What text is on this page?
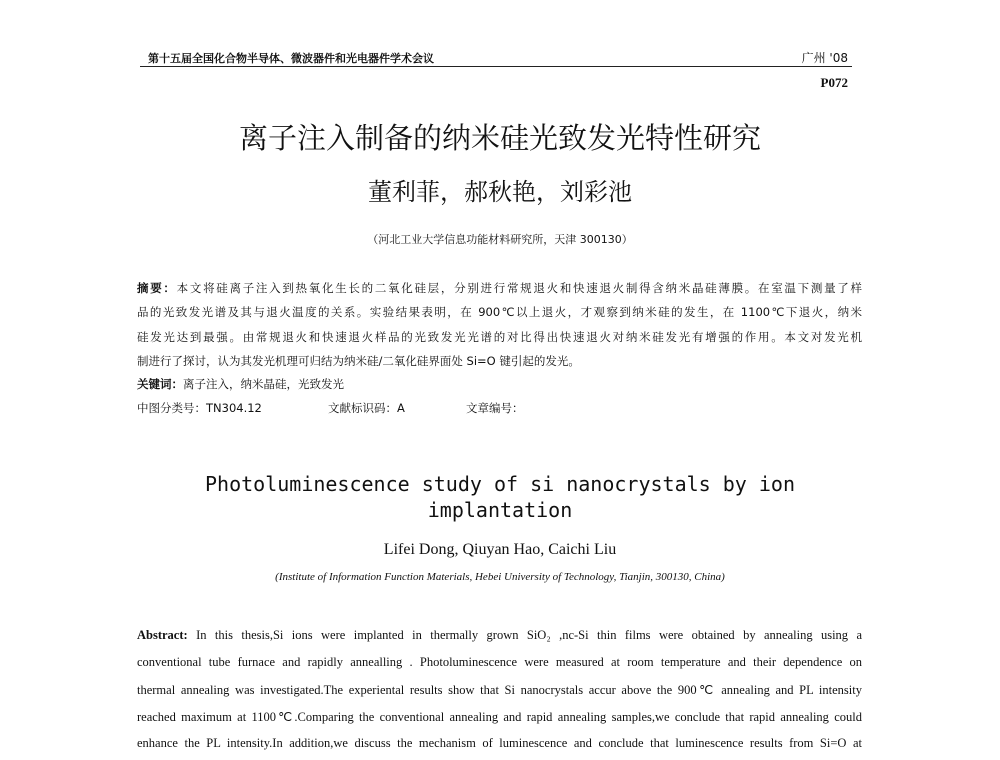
第十五届全国化合物半导体、微波器件和光电器件学术会议	广州 '08
P072
离子注入制备的纳米硅光致发光特性研究
董利菲，郝秋艳，刘彩池
（河北工业大学信息功能材料研究所，天津 300130）
摘要：本文将硅离子注入到热氧化生长的二氧化硅层，分别进行常规退火和快速退火制得含纳米晶硅薄膜。在室温下测量了样
品的光致发光谱及其与退火温度的关系。实验结果表明，在 900℃以上退火，才观察到纳米硅的发生，在 1100℃下退火，纳米
硅发光达到最强。由常规退火和快速退火样品的光致发光光谱的对比得出快速退火对纳米硅发光有增强的作用。本文对发光机
制进行了探讨，认为其发光机理可归结为纳米硅/二氧化硅界面处 Si=O 键引起的发光。
关键词：离子注入，纳米晶硅，光致发光
中图分类号：TN304.12	文献标识码：A	文章编号：
Photoluminescence study of si nanocrystals by ion
implantation
Lifei Dong, Qiuyan Hao, Caichi Liu
(Institute of Information Function Materials, Hebei University of Technology, Tianjin, 300130, China)
Abstract: In this thesis,Si ions were implanted in thermally grown SiO₂ ,nc-Si thin films were obtained by annealing using a
conventional tube furnace and rapidly annealling . Photoluminescence were measured at room temperature and their dependence on
thermal annealing was investigated.The experiental results show that Si nanocrystals accur above the 900℃ annealing and PL intensity
reached maximum at 1100℃.Comparing the conventional annealing and rapid annealing samples,we conclude that rapid annealing could
enhance the PL intensity.In addition,we discuss the mechanism of luminescence and conclude that luminescence results from Si=O at
